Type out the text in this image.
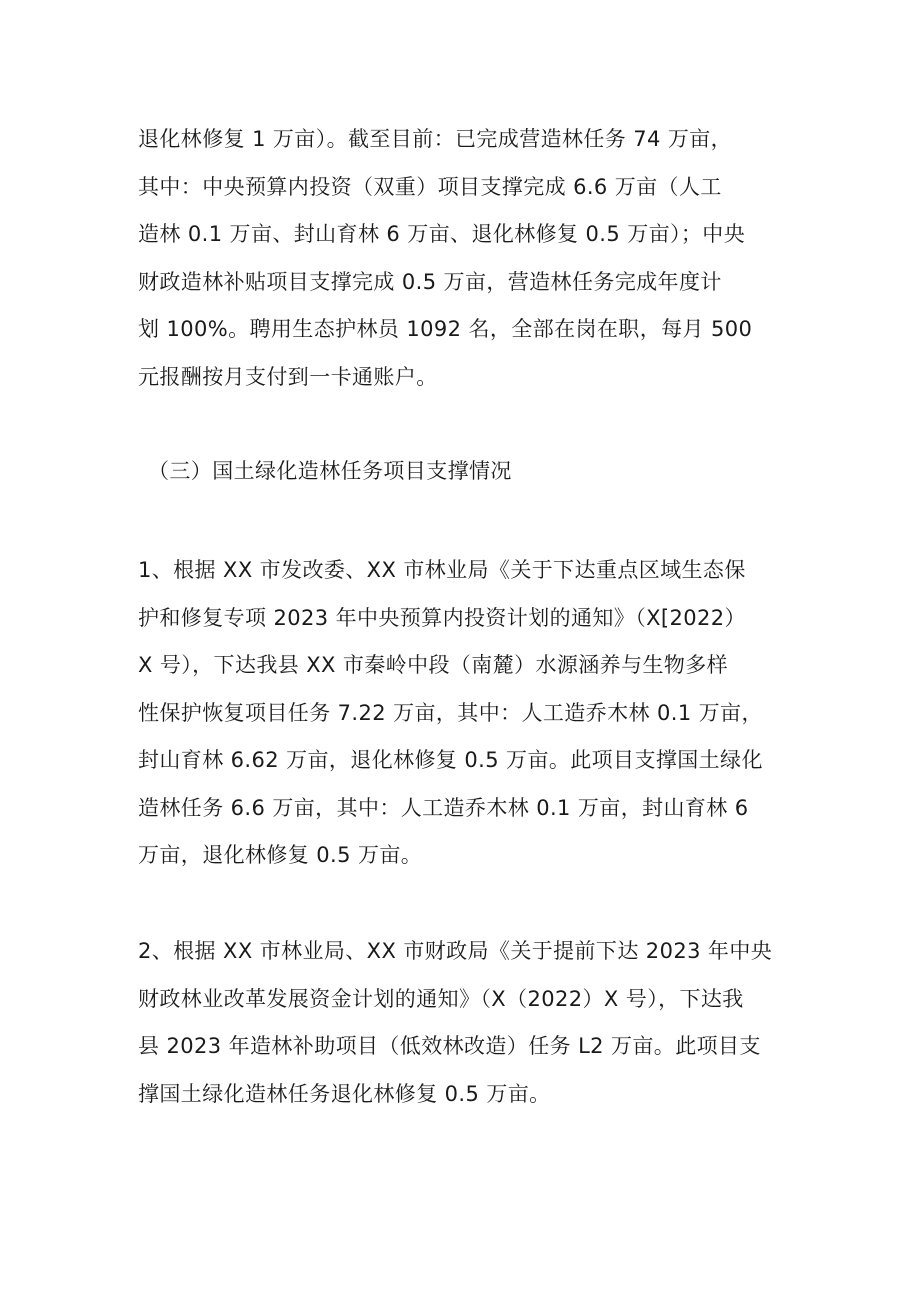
退化林修复 1 万亩）。截至目前：已完成营造林任务 74 万亩，
其中：中央预算内投资（双重）项目支撑完成 6.6 万亩（人工
造林 0.1 万亩、封山育林 6 万亩、退化林修复 0.5 万亩）；中央
财政造林补贴项目支撑完成 0.5 万亩，营造林任务完成年度计
划 100%。聘用生态护林员 1092 名，全部在岗在职，每月 500
元报酬按月支付到一卡通账户。

（三）国土绿化造林任务项目支撑情况

1、根据 XX 市发改委、XX 市林业局《关于下达重点区域生态保
护和修复专项 2023 年中央预算内投资计划的通知》（X[2022）
X 号），下达我县 XX 市秦岭中段（南麓）水源涵养与生物多样
性保护恢复项目任务 7.22 万亩，其中：人工造乔木林 0.1 万亩，
封山育林 6.62 万亩，退化林修复 0.5 万亩。此项目支撑国土绿化
造林任务 6.6 万亩，其中：人工造乔木林 0.1 万亩，封山育林 6
万亩，退化林修复 0.5 万亩。

2、根据 XX 市林业局、XX 市财政局《关于提前下达 2023 年中央
财政林业改革发展资金计划的通知》（X（2022）X 号），下达我
县 2023 年造林补助项目（低效林改造）任务 L2 万亩。此项目支
撑国土绿化造林任务退化林修复 0.5 万亩。
